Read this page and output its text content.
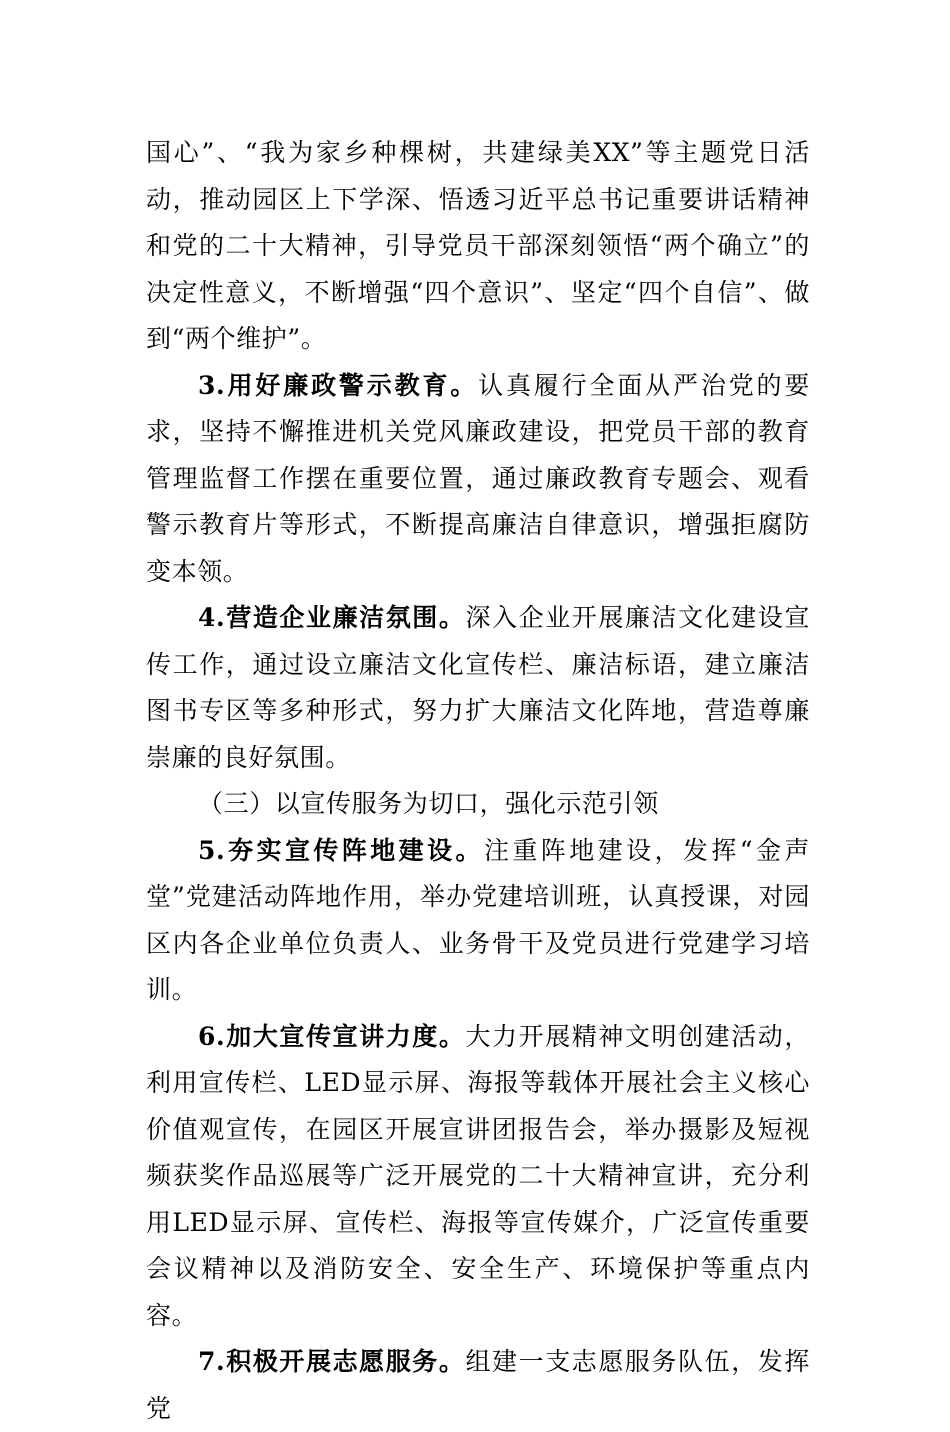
国心”、“我为家乡种棵树，共建绿美XX”等主题党日活动，推动园区上下学深、悟透习近平总书记重要讲话精神和党的二十大精神，引导党员干部深刻领悟“两个确立”的决定性意义，不断增强“四个意识”、坚定“四个自信”、做到“两个维护”。

3.用好廉政警示教育。认真履行全面从严治党的要求，坚持不懈推进机关党风廉政建设，把党员干部的教育管理监督工作摆在重要位置，通过廉政教育专题会、观看警示教育片等形式，不断提高廉洁自律意识，增强拒腐防变本领。

4.营造企业廉洁氛围。深入企业开展廉洁文化建设宣传工作，通过设立廉洁文化宣传栏、廉洁标语，建立廉洁图书专区等多种形式，努力扩大廉洁文化阵地，营造尊廉崇廉的良好氛围。

（三）以宣传服务为切口，强化示范引领

5.夯实宣传阵地建设。注重阵地建设，发挥“金声堂”党建活动阵地作用，举办党建培训班，认真授课，对园区内各企业单位负责人、业务骨干及党员进行党建学习培训。

6.加大宣传宣讲力度。大力开展精神文明创建活动，利用宣传栏、LED显示屏、海报等载体开展社会主义核心价值观宣传，在园区开展宣讲团报告会，举办摄影及短视频获奖作品巡展等广泛开展党的二十大精神宣讲，充分利用LED显示屏、宣传栏、海报等宣传媒介，广泛宣传重要会议精神以及消防安全、安全生产、环境保护等重点内容。

7.积极开展志愿服务。组建一支志愿服务队伍，发挥党
